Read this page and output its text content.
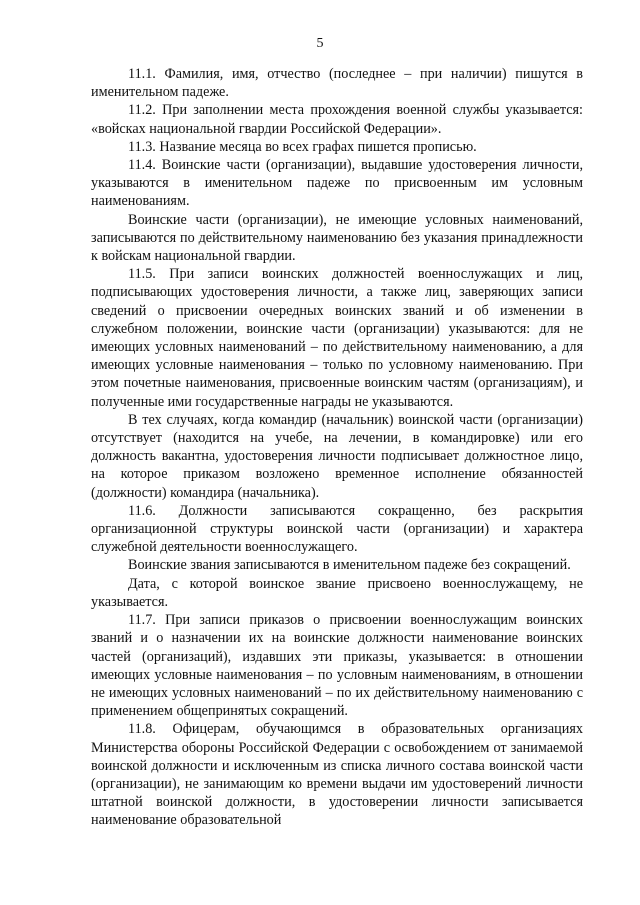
5

11.1. Фамилия, имя, отчество (последнее – при наличии) пишутся в именительном падеже.

11.2. При заполнении места прохождения военной службы указывается: «войсках национальной гвардии Российской Федерации».

11.3. Название месяца во всех графах пишется прописью.

11.4. Воинские части (организации), выдавшие удостоверения личности, указываются в именительном падеже по присвоенным им условным наименованиям.

Воинские части (организации), не имеющие условных наименований, записываются по действительному наименованию без указания принадлежности к войскам национальной гвардии.

11.5. При записи воинских должностей военнослужащих и лиц, подписывающих удостоверения личности, а также лиц, заверяющих записи сведений о присвоении очередных воинских званий и об изменении в служебном положении, воинские части (организации) указываются: для не имеющих условных наименований – по действительному наименованию, а для имеющих условные наименования – только по условному наименованию. При этом почетные наименования, присвоенные воинским частям (организациям), и полученные ими государственные награды не указываются.

В тех случаях, когда командир (начальник) воинской части (организации) отсутствует (находится на учебе, на лечении, в командировке) или его должность вакантна, удостоверения личности подписывает должностное лицо, на которое приказом возложено временное исполнение обязанностей (должности) командира (начальника).

11.6. Должности записываются сокращенно, без раскрытия организационной структуры воинской части (организации) и характера служебной деятельности военнослужащего.

Воинские звания записываются в именительном падеже без сокращений.

Дата, с которой воинское звание присвоено военнослужащему, не указывается.

11.7. При записи приказов о присвоении военнослужащим воинских званий и о назначении их на воинские должности наименование воинских частей (организаций), издавших эти приказы, указывается: в отношении имеющих условные наименования – по условным наименованиям, в отношении не имеющих условных наименований – по их действительному наименованию с применением общепринятых сокращений.

11.8. Офицерам, обучающимся в образовательных организациях Министерства обороны Российской Федерации с освобождением от занимаемой воинской должности и исключенным из списка личного состава воинской части (организации), не занимающим ко времени выдачи им удостоверений личности штатной воинской должности, в удостоверении личности записывается наименование образовательной
